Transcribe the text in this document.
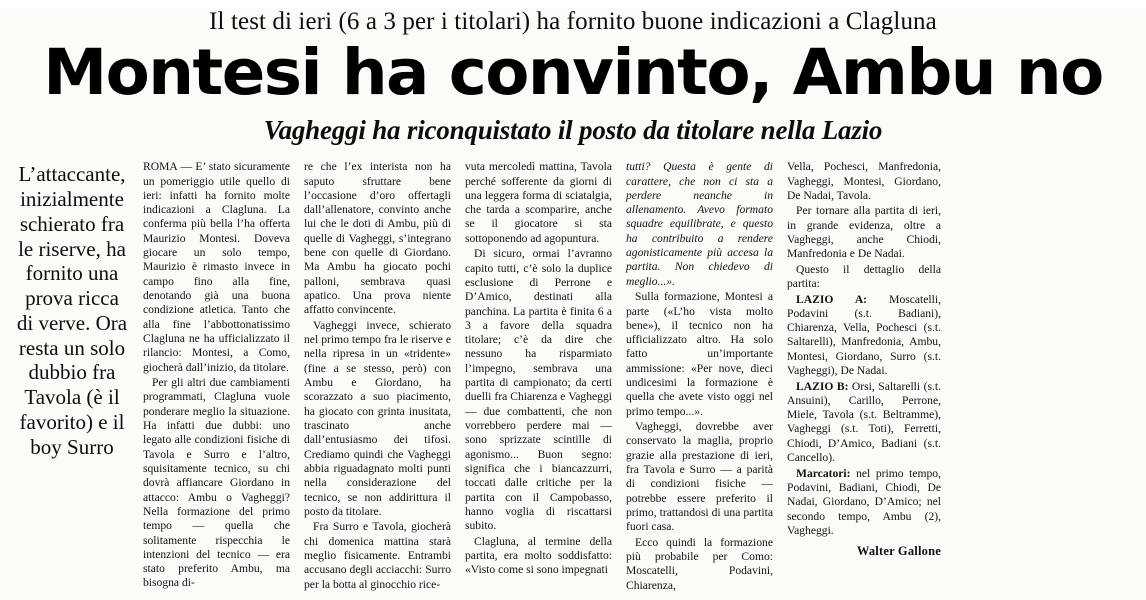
Il test di ieri (6 a 3 per i titolari) ha fornito buone indicazioni a Clagluna
Montesi ha convinto, Ambu no
Vagheggi ha riconquistato il posto da titolare nella Lazio

L’attaccante, inizialmente schierato fra le riserve, ha fornito una prova ricca di verve. Ora resta un solo dubbio fra Tavola (è il favorito) e il boy Surro

ROMA — E’ stato sicuramente un pomeriggio utile quello di ieri: infatti ha fornito molte indicazioni a Clagluna. La conferma più bella l’ha offerta Maurizio Montesi. Doveva giocare un solo tempo, Maurizio è rimasto invece in campo fino alla fine, denotando già una buona condizione atletica. Tanto che alla fine l’abbottonatissimo Clagluna ne ha ufficializzato il rilancio: Montesi, a Como, giocherà dall’inizio, da titolare.

Per gli altri due cambiamenti programmati, Clagluna vuole ponderare meglio la situazione. Ha infatti due dubbi: uno legato alle condizioni fisiche di Tavola e Surro e l’altro, squisitamente tecnico, su chi dovrà affiancare Giordano in attacco: Ambu o Vagheggi? Nella formazione del primo tempo — quella che solitamente rispecchia le intenzioni del tecnico — era stato preferito Ambu, ma bisogna di-

re che l’ex interista non ha saputo sfruttare bene l’occasione d’oro offertagli dall’allenatore, convinto anche lui che le doti di Ambu, più di quelle di Vagheggi, s’integrano bene con quelle di Giordano. Ma Ambu ha giocato pochi palloni, sembrava quasi apatico. Una prova niente affatto convincente.

Vagheggi invece, schierato nel primo tempo fra le riserve e nella ripresa in un «tridente» (fine a se stesso, però) con Ambu e Giordano, ha scorazzato a suo piacimento, ha giocato con grinta inusitata, trascinato anche dall’entusiasmo dei tifosi. Crediamo quindi che Vagheggi abbia riguadagnato molti punti nella considerazione del tecnico, se non addirittura il posto da titolare.

Fra Surro e Tavola, giocherà chi domenica mattina starà meglio fisicamente. Entrambi accusano degli acciacchi: Surro per la botta al ginocchio rice-

vuta mercoledì mattina, Tavola perché sofferente da giorni di una leggera forma di sciatalgia, che tarda a scomparire, anche se il giocatore si sta sottoponendo ad agopuntura.

Di sicuro, ormai l’avranno capito tutti, c’è solo la duplice esclusione di Perrone e D’Amico, destinati alla panchina. La partita è finita 6 a 3 a favore della squadra titolare; c’è da dire che nessuno ha risparmiato l’impegno, sembrava una partita di campionato; da certi duelli fra Chiarenza e Vagheggi — due combattenti, che non vorrebbero perdere mai — sono sprizzate scintille di agonismo... Buon segno: significa che i biancazzurri, toccati dalle critiche per la partita con il Campobasso, hanno voglia di riscattarsi subito.

Clagluna, al termine della partita, era molto soddisfatto: «Visto come si sono impegnati

tutti? Questa è gente di carattere, che non ci sta a perdere neanche in allenamento. Avevo formato squadre equilibrate, e questo ha contribuito a rendere agonisticamente più accesa la partita. Non chiedevo di meglio...».

Sulla formazione, Montesi a parte («L’ho vista molto bene»), il tecnico non ha ufficializzato altro. Ha solo fatto un’importante ammissione: «Per nove, dieci undicesimi la formazione è quella che avete visto oggi nel primo tempo...».

Vagheggi, dovrebbe aver conservato la maglia, proprio grazie alla prestazione di ieri, fra Tavola e Surro — a parità di condizioni fisiche — potrebbe essere preferito il primo, trattandosi di una partita fuori casa.

Ecco quindi la formazione più probabile per Como: Moscatelli, Podavini, Chiarenza,

Vella, Pochesci, Manfredonia, Vagheggi, Montesi, Giordano, De Nadai, Tavola.

Per tornare alla partita di ieri, in grande evidenza, oltre a Vagheggi, anche Chiodi, Manfredonia e De Nadai.

Questo il dettaglio della partita:

LAZIO A: Moscatelli, Podavini (s.t. Badiani), Chiarenza, Vella, Pochesci (s.t. Saltarelli), Manfredonia, Ambu, Montesi, Giordano, Surro (s.t. Vagheggi), De Nadai.

LAZIO B: Orsi, Saltarelli (s.t. Ansuini), Carillo, Perrone, Miele, Tavola (s.t. Beltramme), Vagheggi (s.t. Toti), Ferretti, Chiodi, D’Amico, Badiani (s.t. Cancello).

Marcatori: nel primo tempo, Podavini, Badiani, Chiodi, De Nadai, Giordano, D’Amico; nel secondo tempo, Ambu (2), Vagheggi.

Walter Gallone
